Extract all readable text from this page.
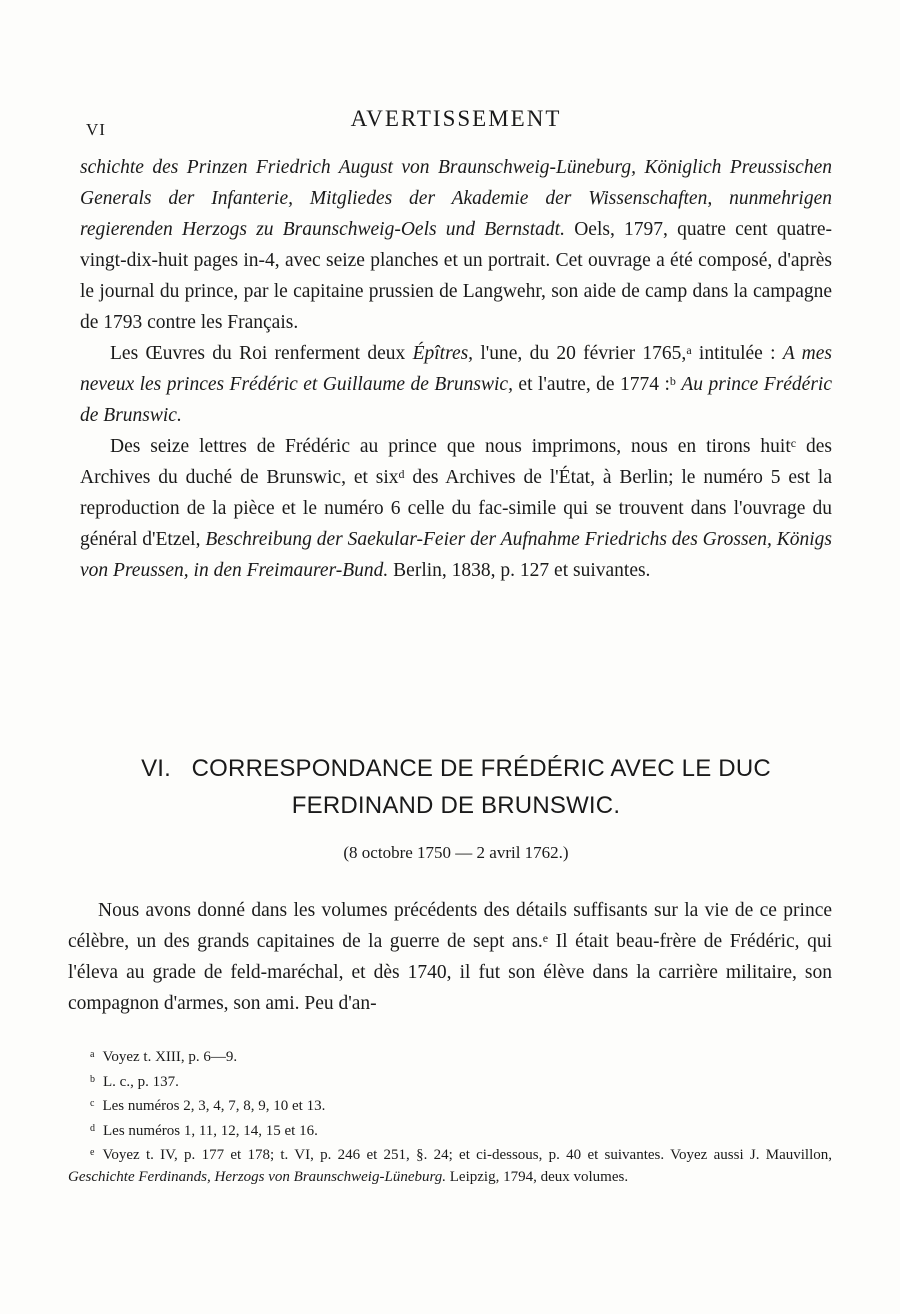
VI	AVERTISSEMENT

schichte des Prinzen Friedrich August von Braunschweig-Lüneburg, Königlich Preussischen Generals der Infanterie, Mitgliedes der Akademie der Wissenschaften, nunmehrigen regierenden Herzogs zu Braunschweig-Oels und Bernstadt. Oels, 1797, quatre cent quatre-vingt-dix-huit pages in-4, avec seize planches et un portrait. Cet ouvrage a été composé, d'après le journal du prince, par le capitaine prussien de Langwehr, son aide de camp dans la campagne de 1793 contre les Français.

Les Œuvres du Roi renferment deux Épîtres, l'une, du 20 février 1765,$^a$ intitulée : A mes neveux les princes Frédéric et Guillaume de Brunswic, et l'autre, de 1774 :$^b$ Au prince Frédéric de Brunswic.

Des seize lettres de Frédéric au prince que nous imprimons, nous en tirons huit$^c$ des Archives du duché de Brunswic, et six$^d$ des Archives de l'État, à Berlin; le numéro 5 est la reproduction de la pièce et le numéro 6 celle du fac-simile qui se trouvent dans l'ouvrage du général d'Etzel, Beschreibung der Saekular-Feier der Aufnahme Friedrichs des Grossen, Königs von Preussen, in den Freimaurer-Bund. Berlin, 1838, p. 127 et suivantes.

VI.   CORRESPONDANCE DE FRÉDÉRIC AVEC LE DUC
FERDINAND DE BRUNSWIC.
(8 octobre 1750 — 2 avril 1762.)

Nous avons donné dans les volumes précédents des détails suffisants sur la vie de ce prince célèbre, un des grands capitaines de la guerre de sept ans.$^e$ Il était beau-frère de Frédéric, qui l'éleva au grade de feld-maréchal, et dès 1740, il fut son élève dans la carrière militaire, son compagnon d'armes, son ami. Peu d'an-

$^a$ Voyez t. XIII, p. 6—9.

$^b$ L. c., p. 137.

$^c$ Les numéros 2, 3, 4, 7, 8, 9, 10 et 13.

$^d$ Les numéros 1, 11, 12, 14, 15 et 16.

$^e$ Voyez t. IV, p. 177 et 178; t. VI, p. 246 et 251, §. 24; et ci-dessous, p. 40 et suivantes. Voyez aussi J. Mauvillon, Geschichte Ferdinands, Herzogs von Braunschweig-Lüneburg. Leipzig, 1794, deux volumes.
